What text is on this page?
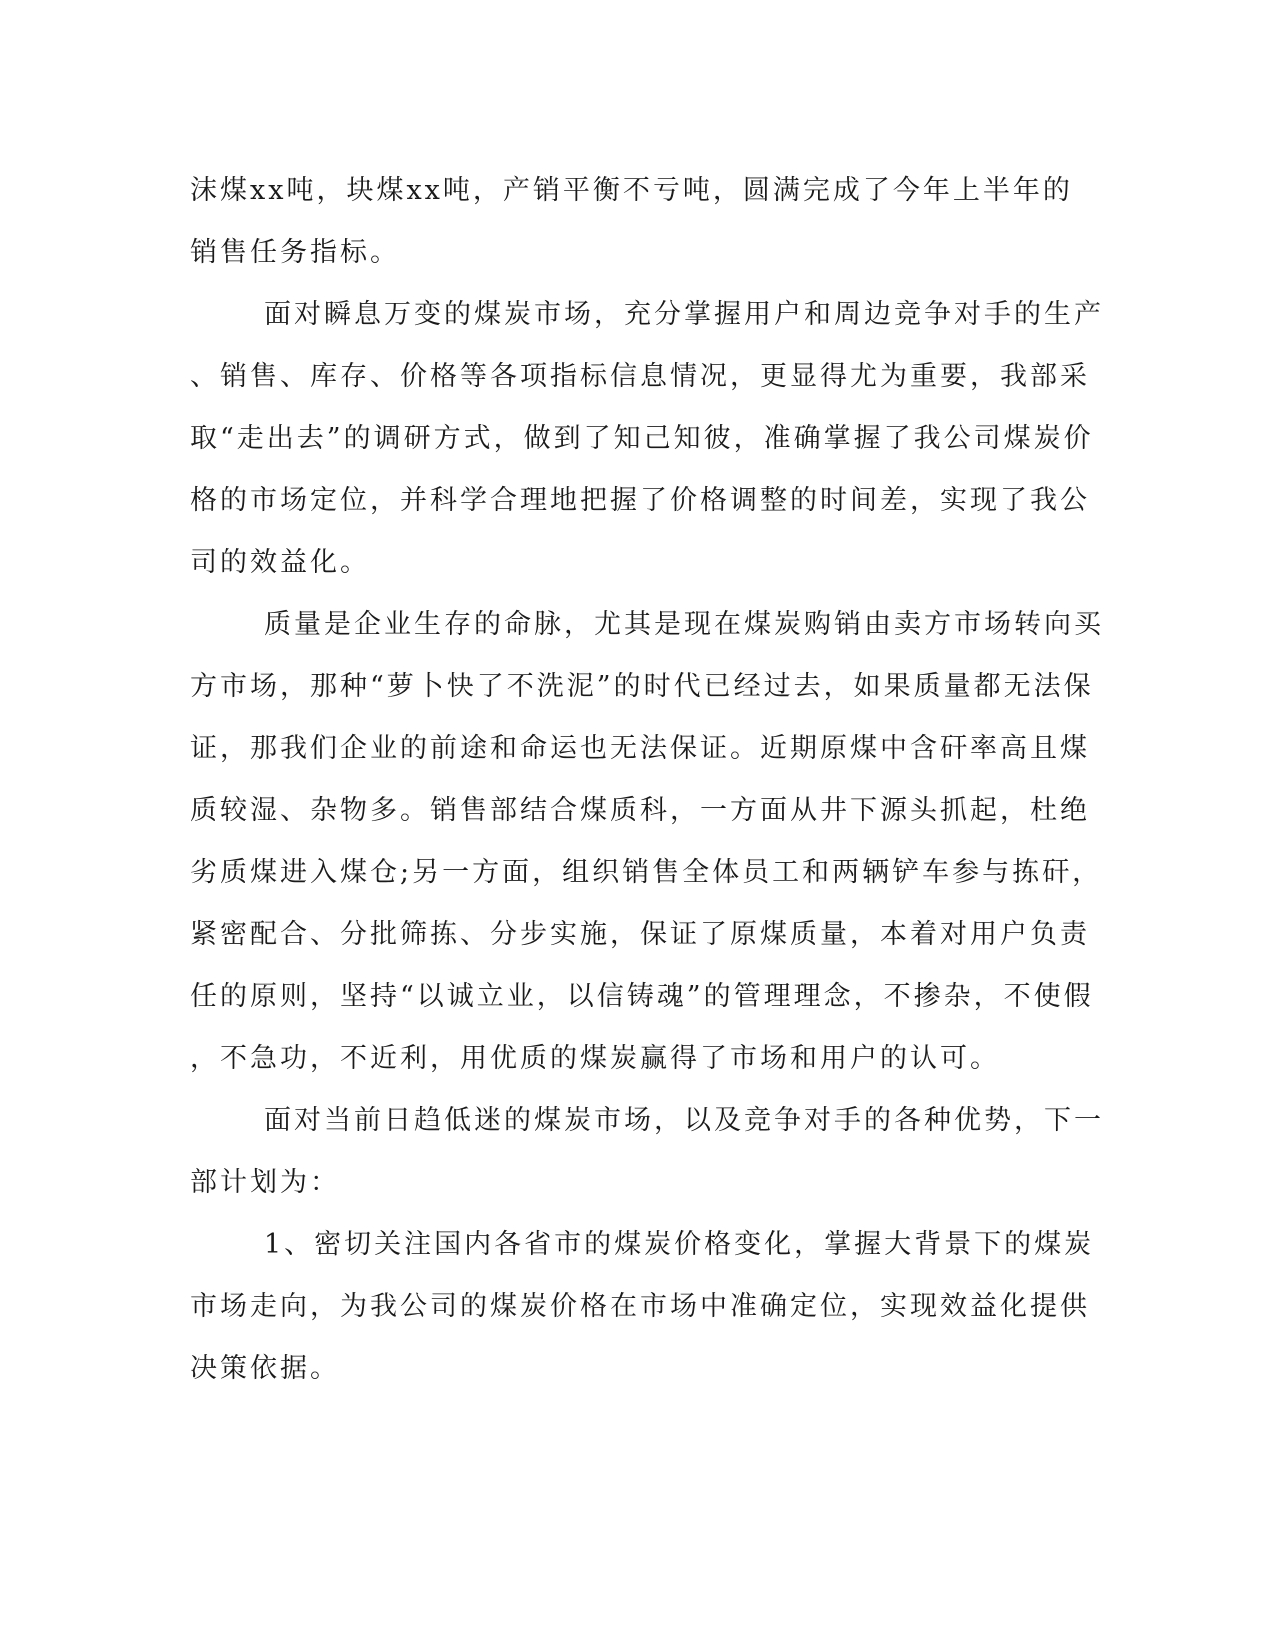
沫煤xx吨，块煤xx吨，产销平衡不亏吨，圆满完成了今年上半年的
销售任务指标。
面对瞬息万变的煤炭市场，充分掌握用户和周边竞争对手的生产
、销售、库存、价格等各项指标信息情况，更显得尤为重要，我部采
取“走出去”的调研方式，做到了知己知彼，准确掌握了我公司煤炭价
格的市场定位，并科学合理地把握了价格调整的时间差，实现了我公
司的效益化。
质量是企业生存的命脉，尤其是现在煤炭购销由卖方市场转向买
方市场，那种“萝卜快了不洗泥”的时代已经过去，如果质量都无法保
证，那我们企业的前途和命运也无法保证。近期原煤中含矸率高且煤
质较湿、杂物多。销售部结合煤质科，一方面从井下源头抓起，杜绝
劣质煤进入煤仓;另一方面，组织销售全体员工和两辆铲车参与拣矸，
紧密配合、分批筛拣、分步实施，保证了原煤质量，本着对用户负责
任的原则，坚持“以诚立业，以信铸魂”的管理理念，不掺杂，不使假
，不急功，不近利，用优质的煤炭赢得了市场和用户的认可。
面对当前日趋低迷的煤炭市场，以及竞争对手的各种优势，下一
部计划为：
1、密切关注国内各省市的煤炭价格变化，掌握大背景下的煤炭
市场走向，为我公司的煤炭价格在市场中准确定位，实现效益化提供
决策依据。
